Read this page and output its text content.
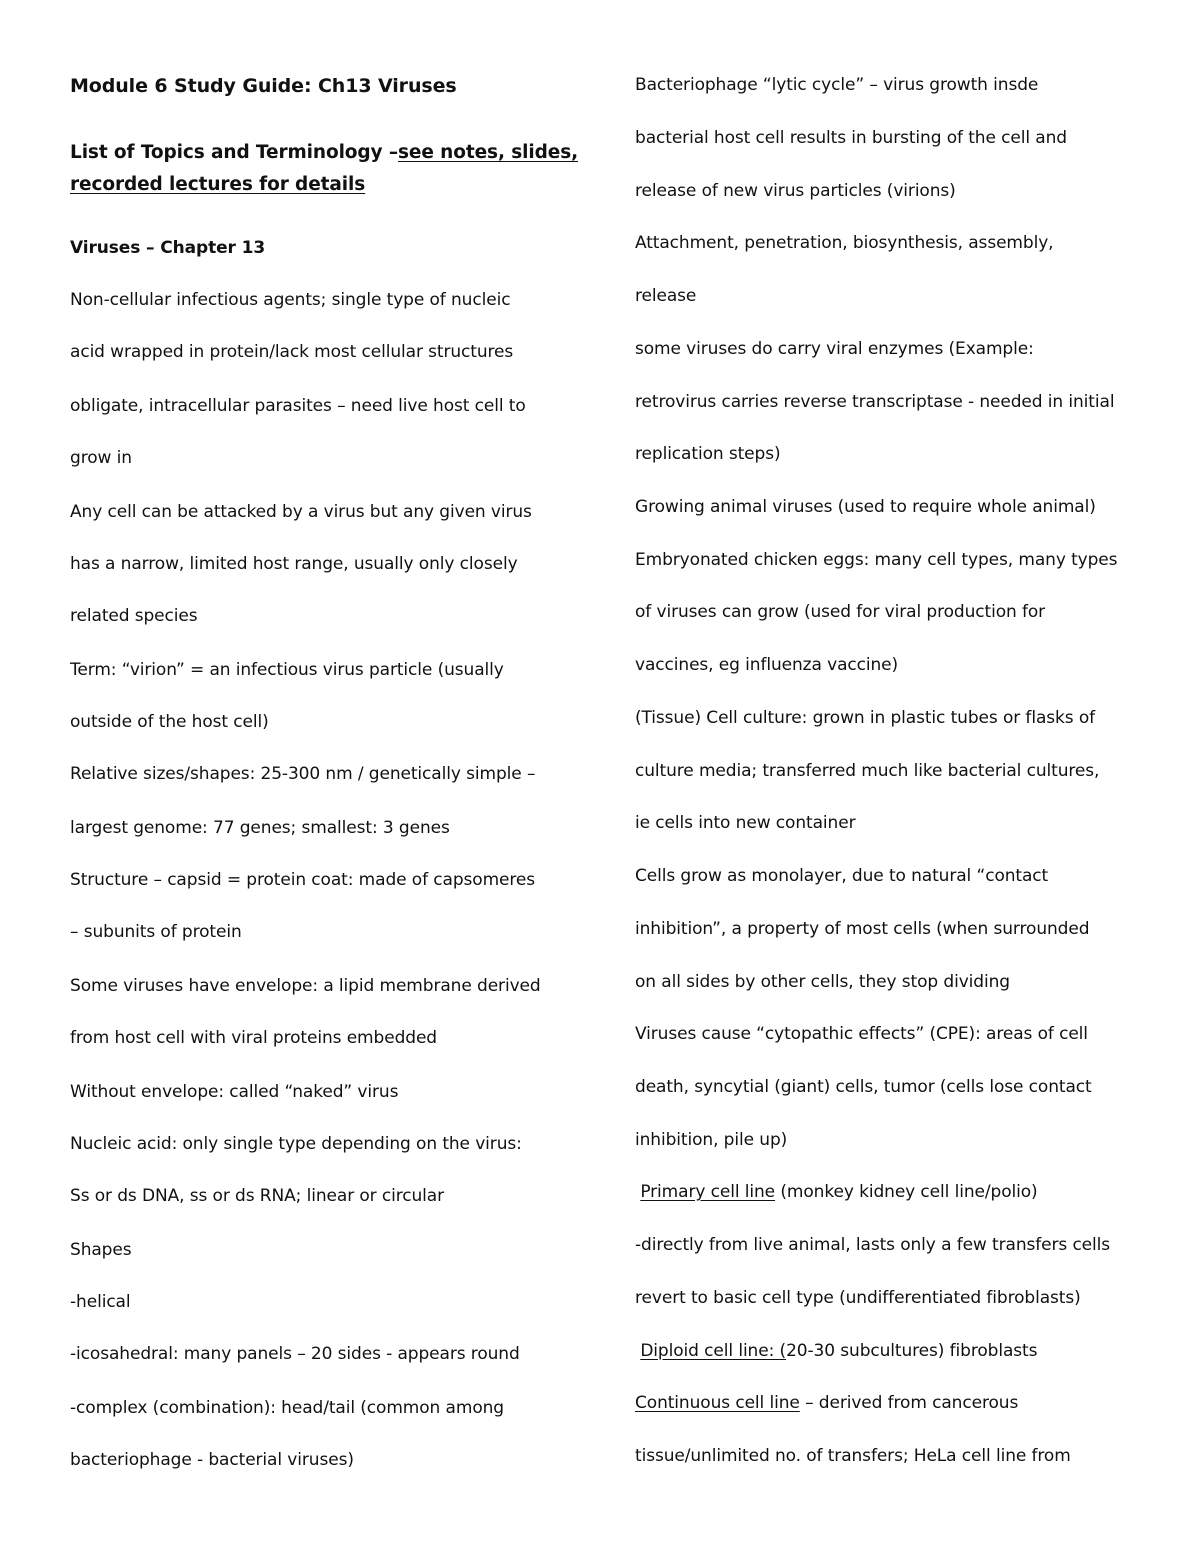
Module 6 Study Guide: Ch13 Viruses
List of Topics and Terminology –see notes, slides,
recorded lectures for details
Viruses – Chapter 13
Non-cellular infectious agents; single type of nucleic
acid wrapped in protein/lack most cellular structures
obligate, intracellular parasites – need live host cell to
grow in
Any cell can be attacked by a virus but any given virus
has a narrow, limited host range, usually only closely
related species
Term: “virion” = an infectious virus particle (usually
outside of the host cell)
Relative sizes/shapes: 25-300 nm / genetically simple –
largest genome: 77 genes; smallest: 3 genes
Structure – capsid = protein coat: made of capsomeres
– subunits of protein
Some viruses have envelope: a lipid membrane derived
from host cell with viral proteins embedded
Without envelope: called “naked” virus
Nucleic acid: only single type depending on the virus:
Ss or ds DNA, ss or ds RNA; linear or circular
Shapes
-helical
-icosahedral: many panels – 20 sides - appears round
-complex (combination): head/tail (common among
bacteriophage - bacterial viruses)
Bacteriophage “lytic cycle” – virus growth insde
bacterial host cell results in bursting of the cell and
release of new virus particles (virions)
Attachment, penetration, biosynthesis, assembly,
release
some viruses do carry viral enzymes (Example:
retrovirus carries reverse transcriptase - needed in initial
replication steps)
Growing animal viruses (used to require whole animal)
Embryonated chicken eggs: many cell types, many types
of viruses can grow (used for viral production for
vaccines, eg influenza vaccine)
(Tissue) Cell culture: grown in plastic tubes or flasks of
culture media; transferred much like bacterial cultures,
ie cells into new container
Cells grow as monolayer, due to natural “contact
inhibition”, a property of most cells (when surrounded
on all sides by other cells, they stop dividing
Viruses cause “cytopathic effects” (CPE): areas of cell
death, syncytial (giant) cells, tumor (cells lose contact
inhibition, pile up)
Primary cell line (monkey kidney cell line/polio)
-directly from live animal, lasts only a few transfers cells
revert to basic cell type (undifferentiated fibroblasts)
Diploid cell line: (20-30 subcultures) fibroblasts
Continuous cell line – derived from cancerous
tissue/unlimited no. of transfers; HeLa cell line from
